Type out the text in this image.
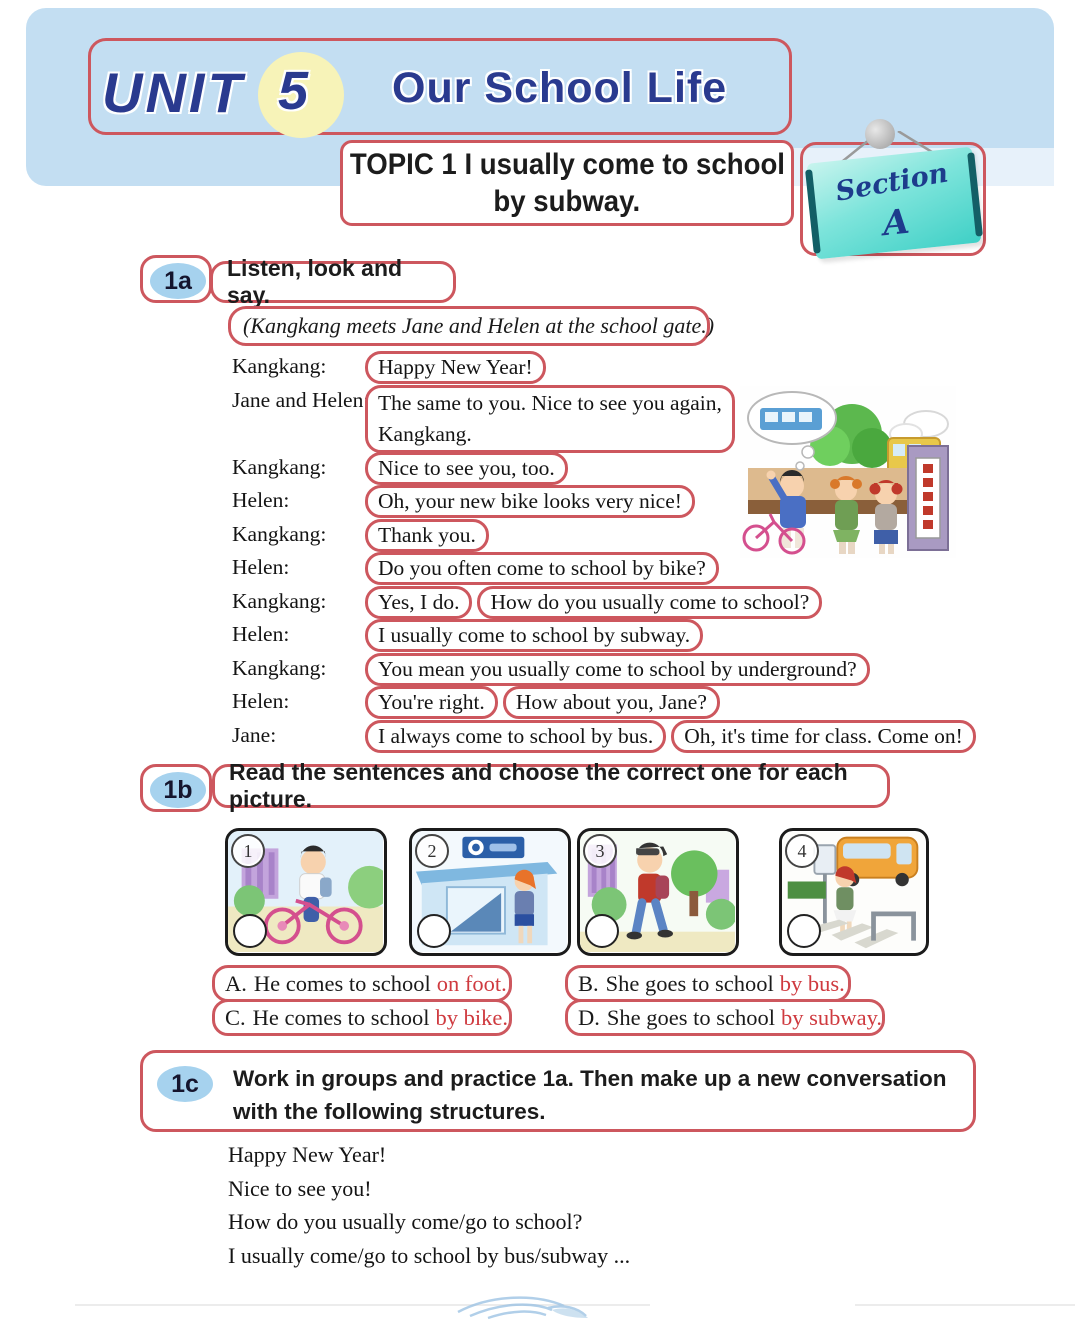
UNIT 5 Our School Life
TOPIC 1 I usually come to school
by subway.	Section
A
1a	Listen, look and say.
(Kangkang meets Jane and Helen at the school gate.)
Kangkang:	Happy New Year!
Jane and Helen: The same to you. Nice to see you again,
Kangkang.
Kangkang:	Nice to see you, too.
Helen:	Oh, your new bike looks very nice!
Kangkang:	Thank you.
Helen:	Do you often come to school by bike?
Kangkang:	Yes, I do. How do you usually come to school?
Helen:	I usually come to school by subway.
Kangkang:	You mean you usually come to school by underground?
Helen:	You're right. How about you, Jane?
Jane:	I always come to school by bus. Oh, it's time for class. Come on!
1b
Read the sentences and choose the correct one for each picture.
1	2	3	4
A. He comes to school on foot.	B. She goes to school by bus.
C. He comes to school by bike.	D. She goes to school by subway.
1c	Work in groups and practice 1a. Then make up a new conversation with the following structures.
Happy New Year!
Nice to see you!
How do you usually come/go to school?
I usually come/go to school by bus/subway ...
